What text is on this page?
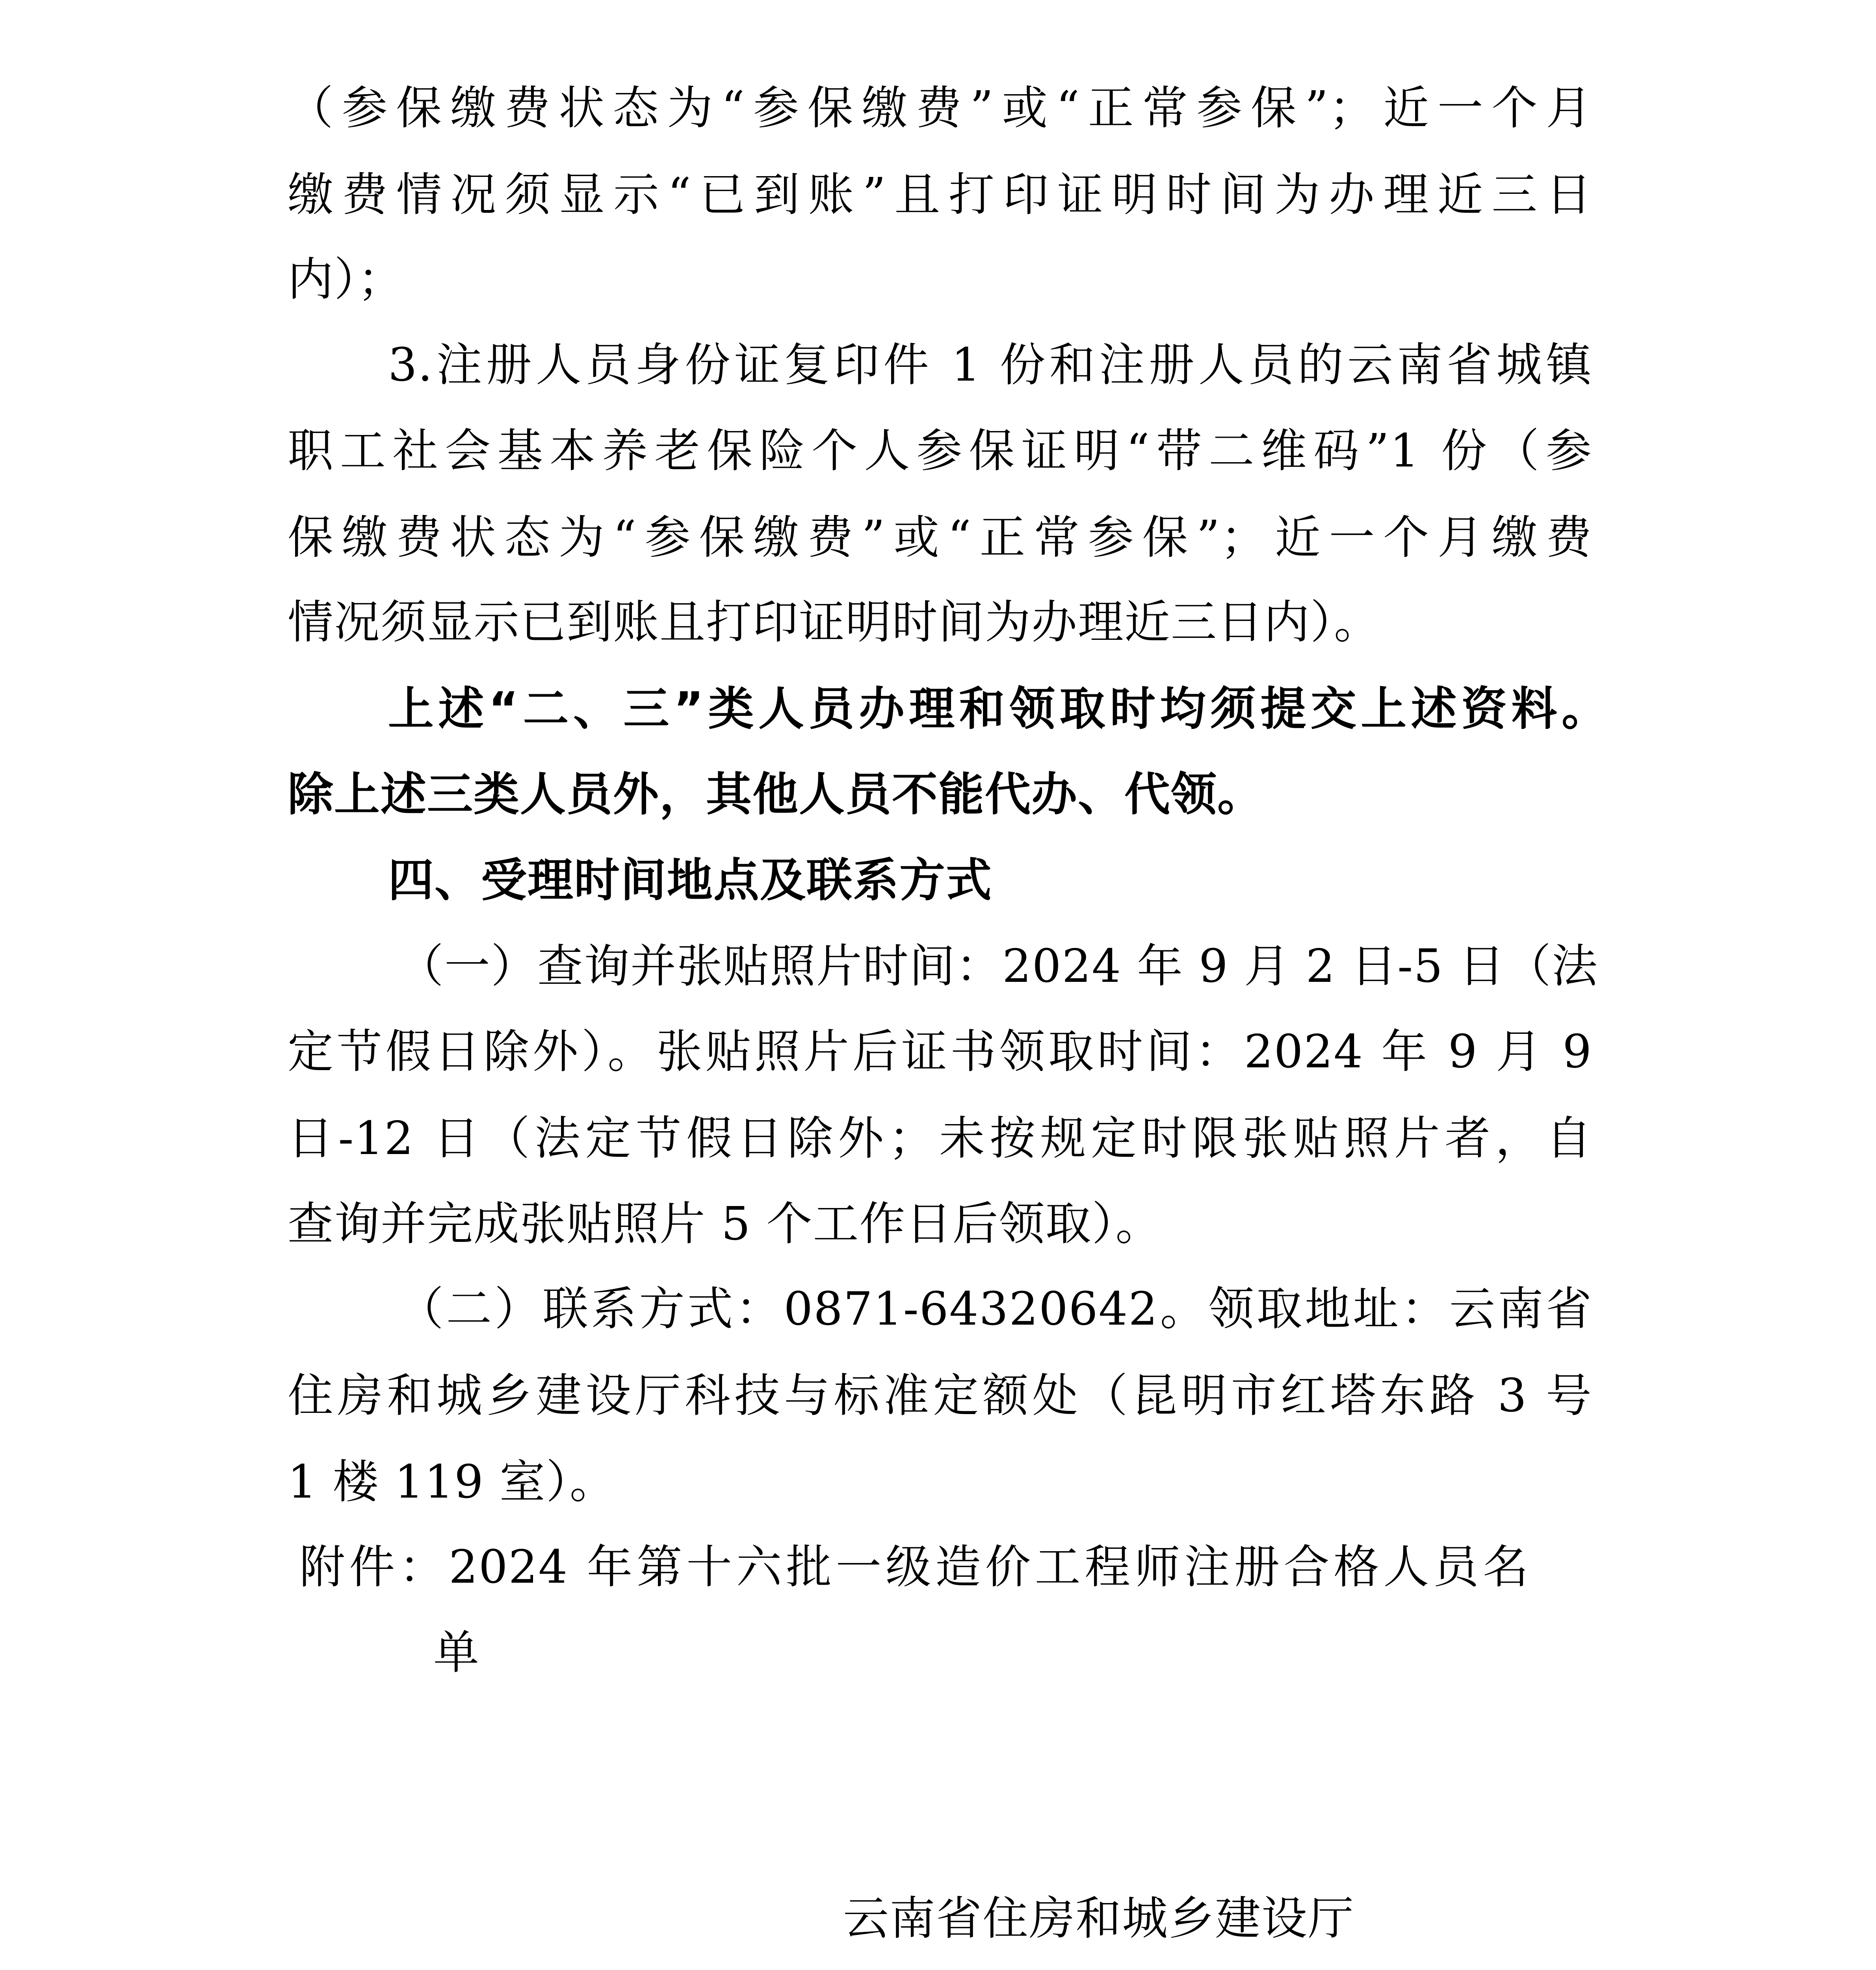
（参保缴费状态为“参保缴费”或“正常参保”；近一个月

缴费情况须显示“已到账”且打印证明时间为办理近三日

内）；

3.注册人员身份证复印件 1 份和注册人员的云南省城镇

职工社会基本养老保险个人参保证明“带二维码”1 份（参

保缴费状态为“参保缴费”或“正常参保”；近一个月缴费

情况须显示已到账且打印证明时间为办理近三日内）。

上述“二、三”类人员办理和领取时均须提交上述资料。

除上述三类人员外，其他人员不能代办、代领。

四、受理时间地点及联系方式

（一）查询并张贴照片时间：2024 年 9 月 2 日-5 日（法

定节假日除外）。张贴照片后证书领取时间：2024 年 9 月 9

日-12 日（法定节假日除外；未按规定时限张贴照片者，自

查询并完成张贴照片 5 个工作日后领取）。

（二）联系方式：0871-64320642。领取地址：云南省

住房和城乡建设厅科技与标准定额处（昆明市红塔东路 3 号

1 楼 119 室）。

附件：2024 年第十六批一级造价工程师注册合格人员名

单

云南省住房和城乡建设厅
